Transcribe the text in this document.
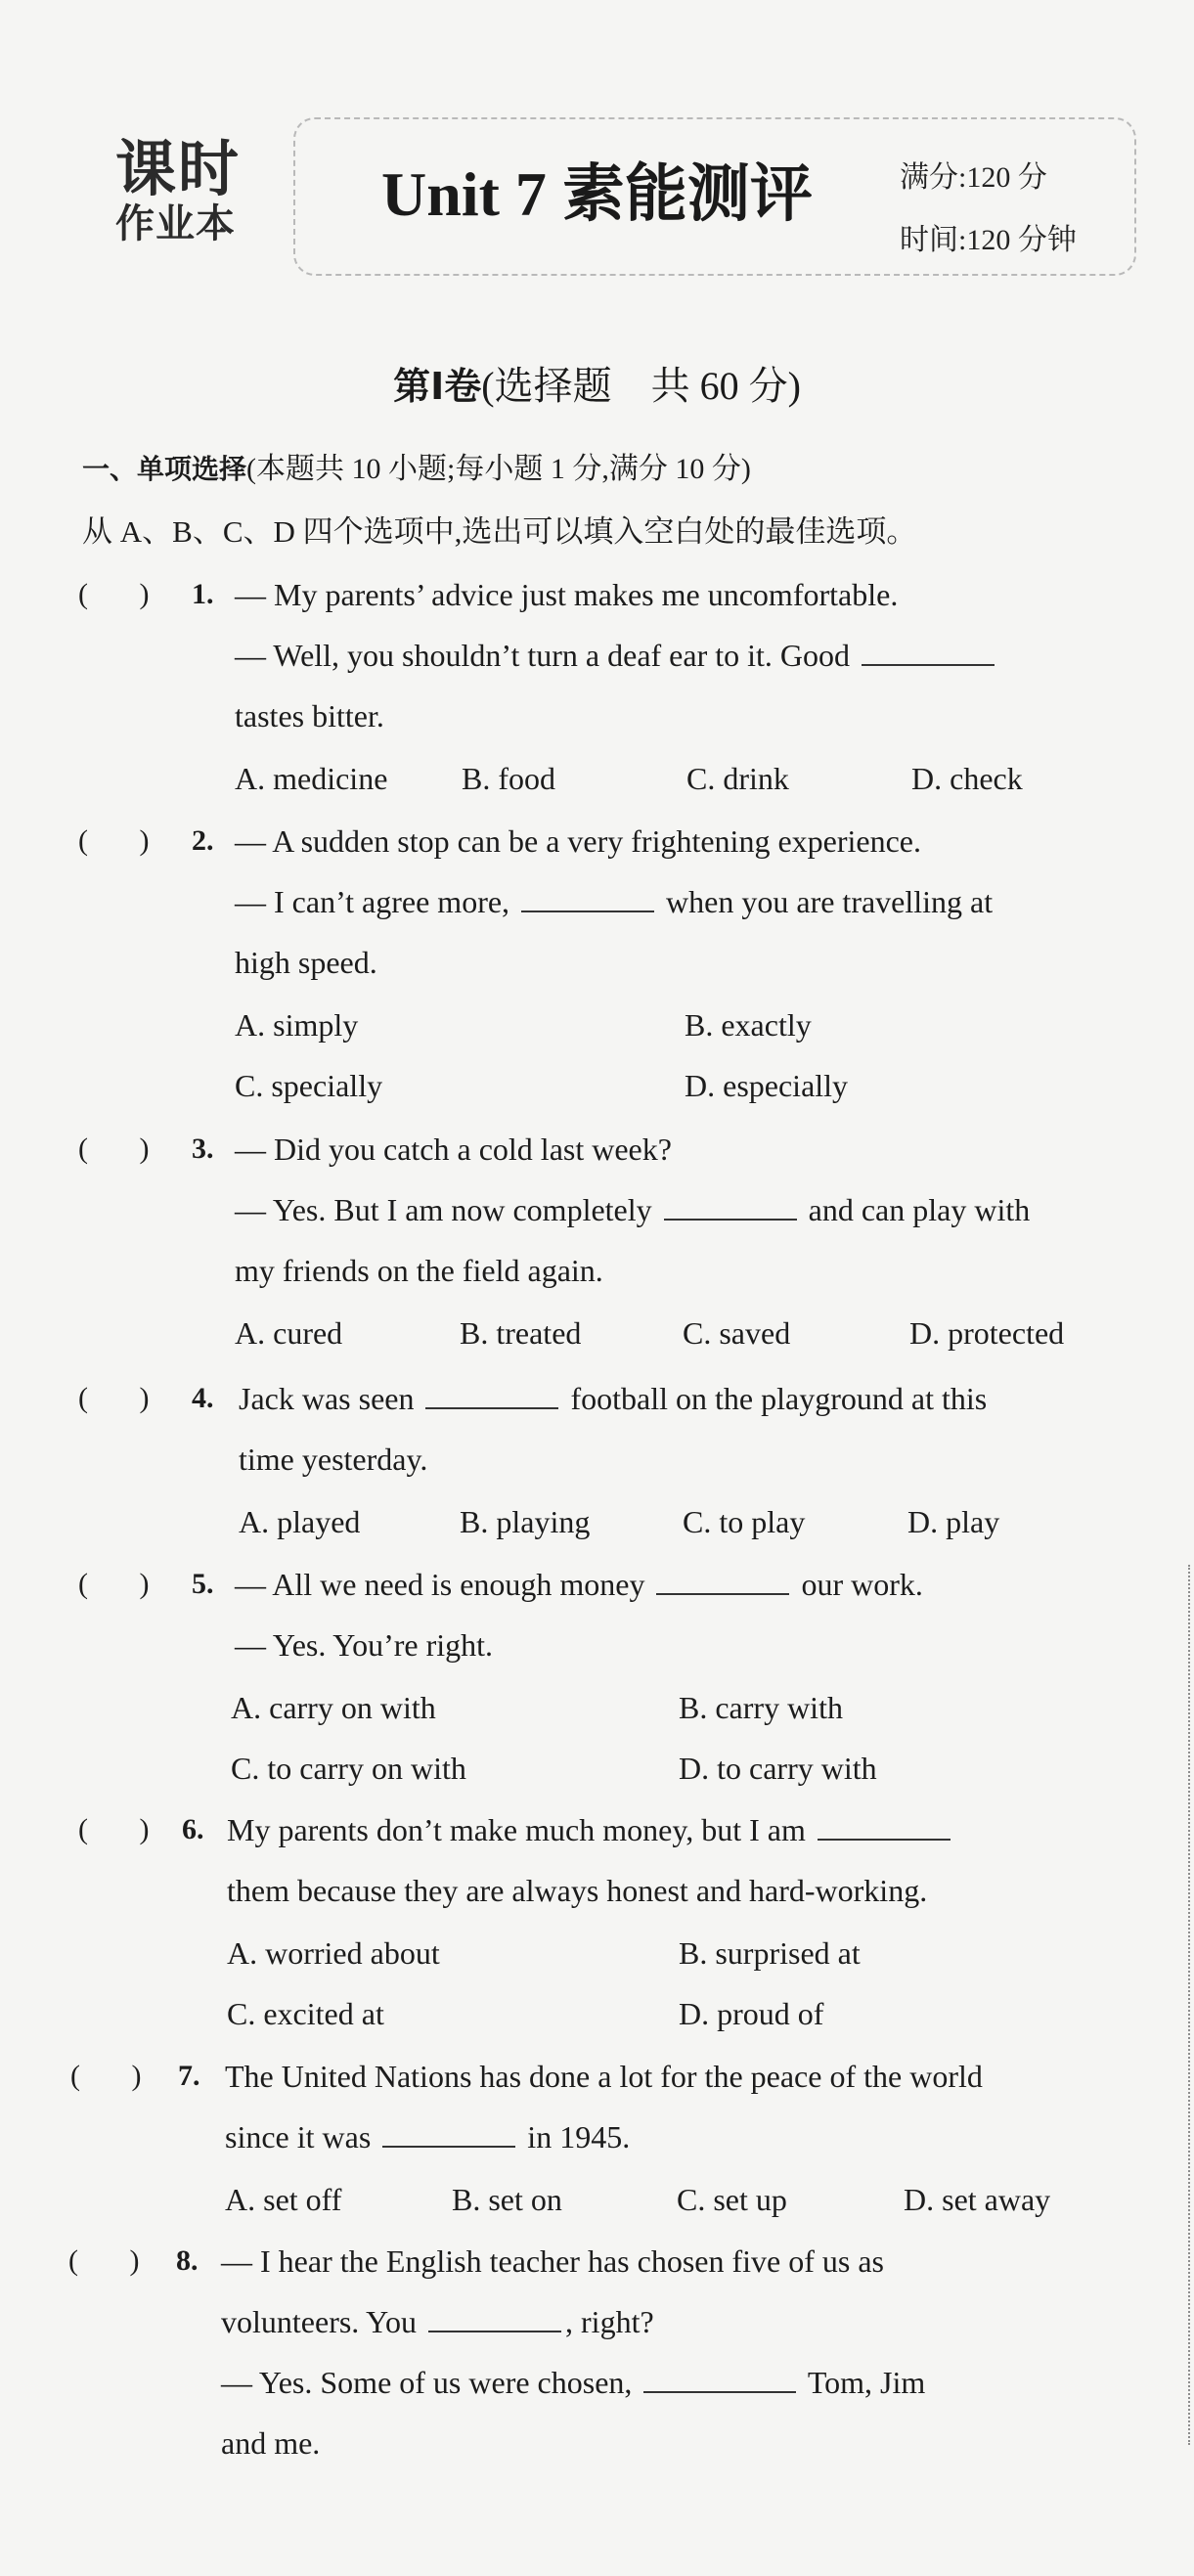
课时
作业本	Unit 7 素能测评	满分:120 分
时间:120 分钟
第Ⅰ卷(选择题　共 60 分)
一、单项选择(本题共 10 小题;每小题 1 分,满分 10 分)
从 A、B、C、D 四个选项中,选出可以填入空白处的最佳选项。
(       ) 1. — My parents’ advice just makes me uncomfortable.
— Well, you shouldn’t turn a deaf ear to it. Good
tastes bitter.
A. medicine B. food	C. drink	D. check
(       ) 2. — A sudden stop can be a very frightening experience.
— I can’t agree more,	when you are travelling at
high speed.
A. simply	B. exactly
C. specially	D. especially
(       ) 3. — Did you catch a cold last week?
— Yes. But I am now completely	and can play with
my friends on the field again.
A. cured	B. treated	C. saved	D. protected
(       ) 4. Jack was seen	football on the playground at this
time yesterday.
A. played	B. playing	C. to play	D. play
(       ) 5. — All we need is enough money	our work.
— Yes. You’re right.
A. carry on with	B. carry with
C. to carry on with	D. to carry with
(       ) 6. My parents don’t make much money, but I am
them because they are always honest and hard-working.
A. worried about	B. surprised at
C. excited at	D. proud of
(       ) 7. The United Nations has done a lot for the peace of the world
since it was	in 1945.
A. set off	B. set on	C. set up	D. set away
(       ) 8. — I hear the English teacher has chosen five of us as
volunteers. You	, right?
— Yes. Some of us were chosen,	Tom, Jim
and me.
